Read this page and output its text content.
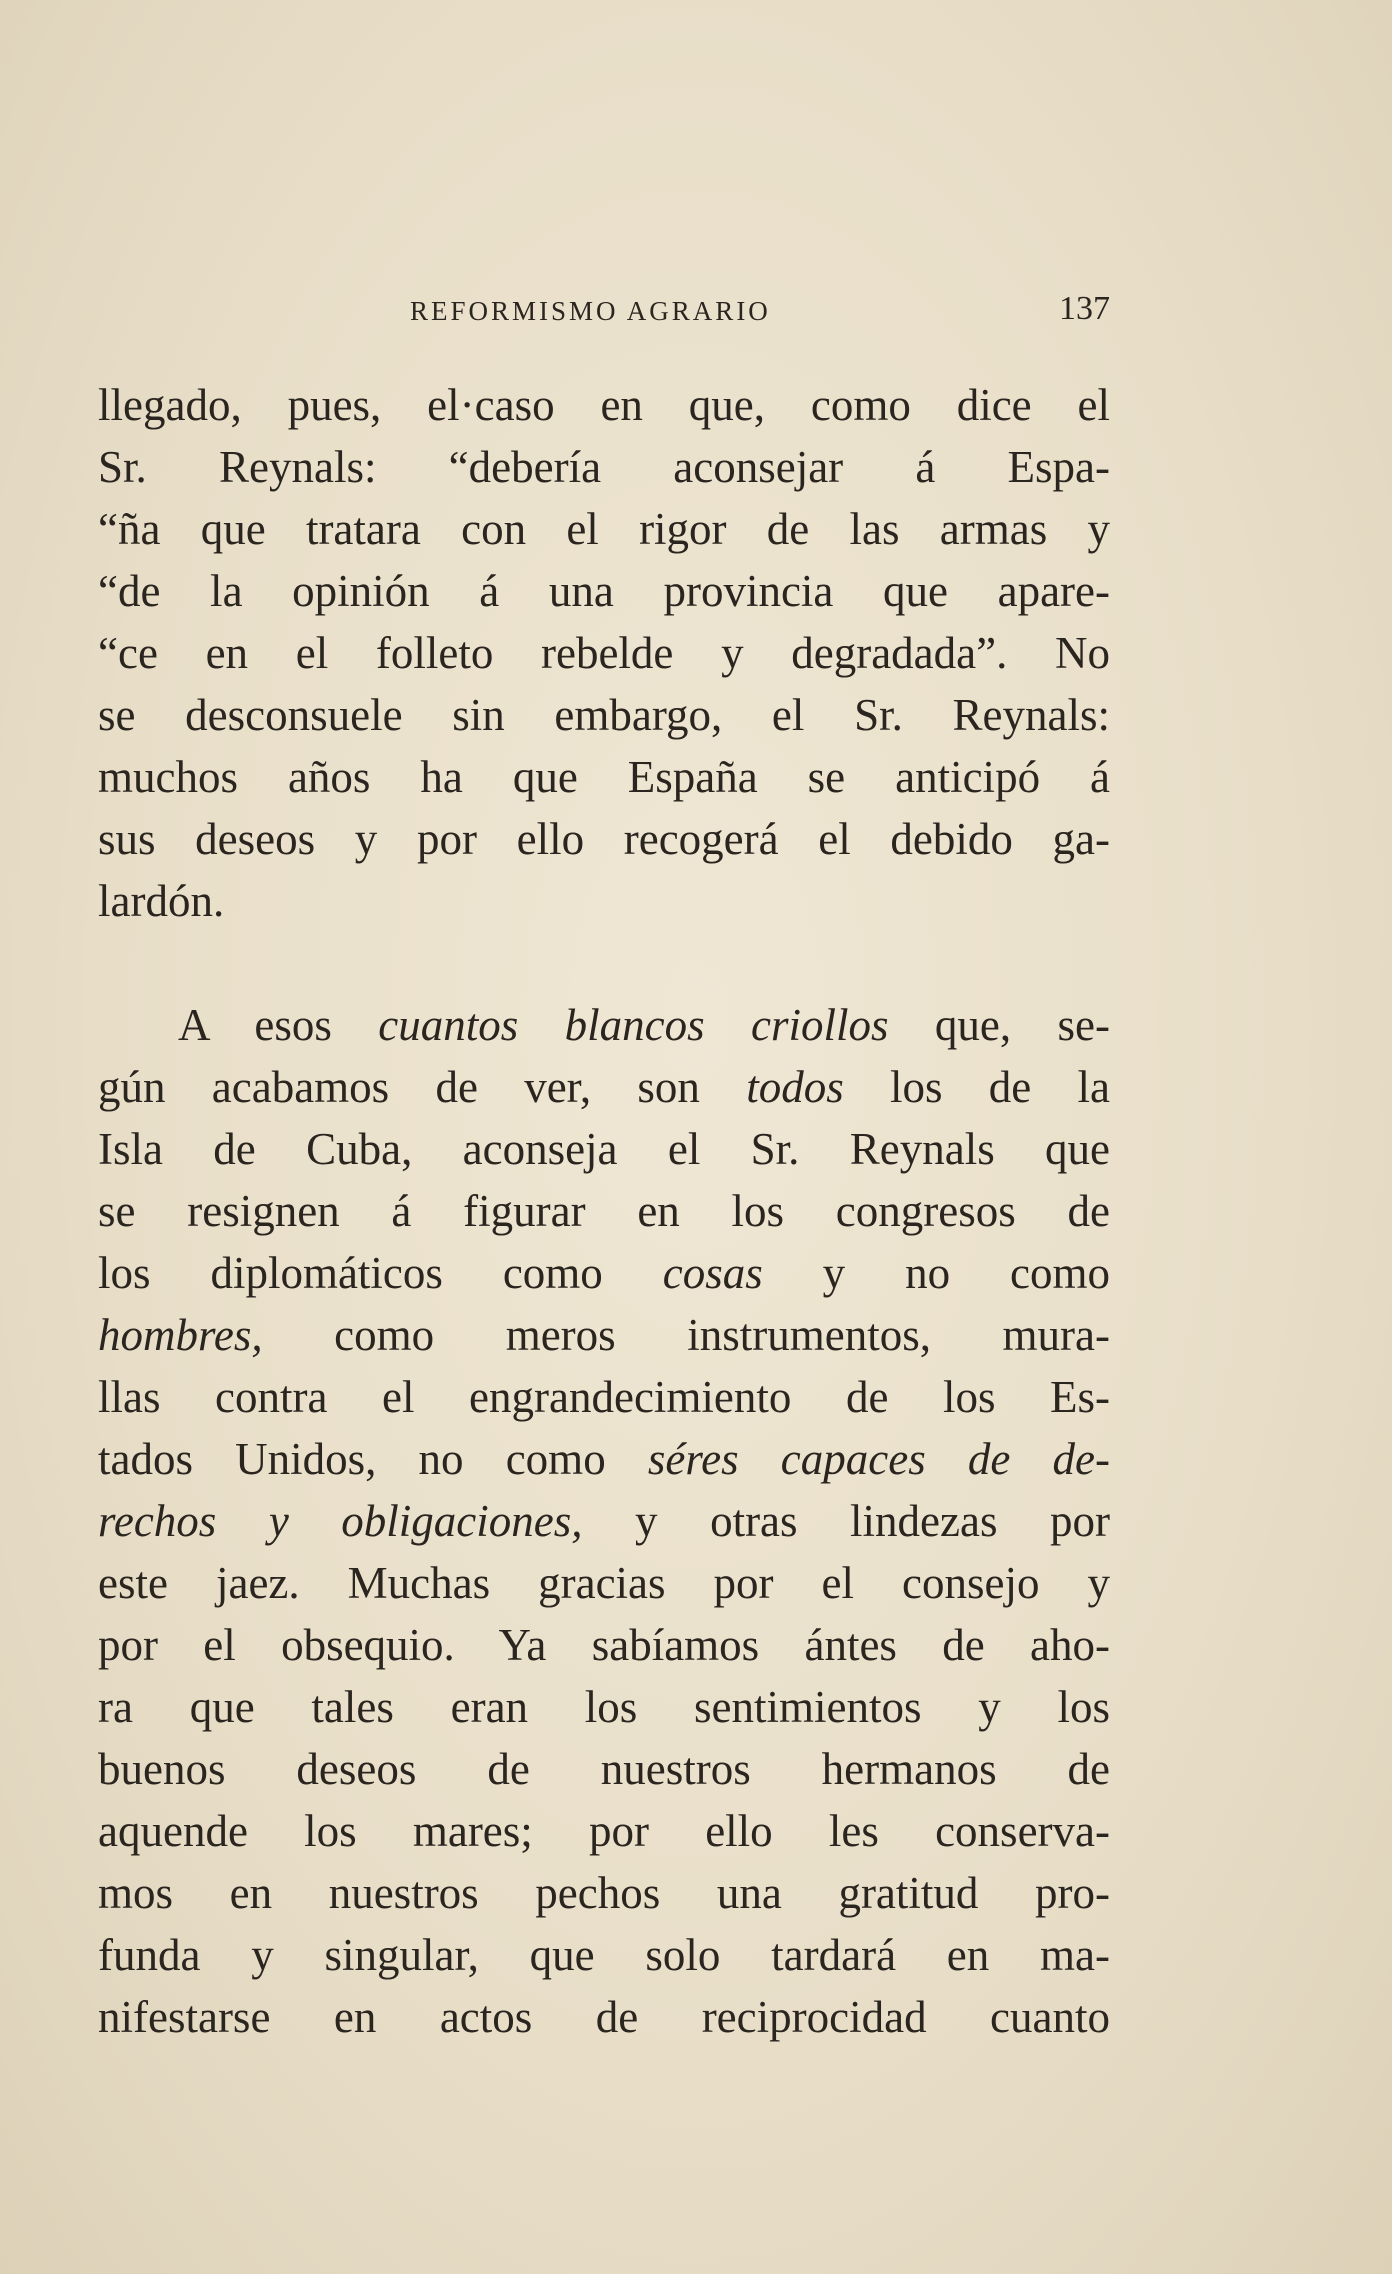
REFORMISMO AGRARIO	137
llegado, pues, el·caso en que, como dice el
Sr. Reynals: “debería aconsejar á Espa-
“ña que tratara con el rigor de las armas y
“de la opinión á una provincia que apare-
“ce en el folleto rebelde y degradada”. No
se desconsuele sin embargo, el Sr. Reynals:
muchos años ha que España se anticipó á
sus deseos y por ello recogerá el debido ga-
lardón.
A esos cuantos blancos criollos que, se-
gún acabamos de ver, son todos los de la
Isla de Cuba, aconseja el Sr. Reynals que
se resignen á figurar en los congresos de
los diplomáticos como cosas y no como
hombres, como meros instrumentos, mura-
llas contra el engrandecimiento de los Es-
tados Unidos, no como séres capaces de de-
rechos y obligaciones, y otras lindezas por
este jaez. Muchas gracias por el consejo y
por el obsequio. Ya sabíamos ántes de aho-
ra que tales eran los sentimientos y los
buenos deseos de nuestros hermanos de
aquende los mares; por ello les conserva-
mos en nuestros pechos una gratitud pro-
funda y singular, que solo tardará en ma-
nifestarse en actos de reciprocidad cuanto
